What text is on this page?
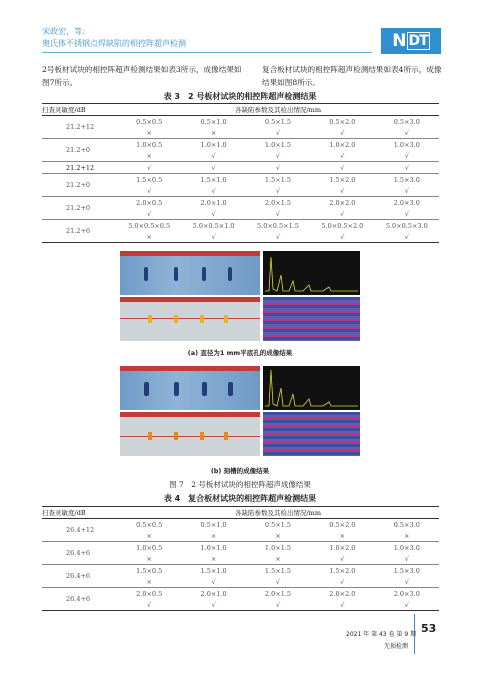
宋政宏，等：
奥氏体不锈钢点焊缺陷的相控阵超声检测	N DT
2号板材试块的相控阵超声检测结果如表3所示，成像结果如图7所示。
复合板材试块的相控阵超声检测结果如表4所示，成像结果如图8所示。
表 3　2 号板材试块的相控阵超声检测结果
扫查灵敏度/dB	各缺陷参数及其检出情况/mm				
21.2+12	0.5×0.5	0.5×1.0	0.5×1.5	0.5×2.0	0.5×3.0
	×	×	√	√	√
21.2+0	1.0×0.5	1.0×1.0	1.0×1.5	1.0×2.0	1.0×3.0
	×	√	√	√	√
21.2+12	√	√	√	√	√
21.2+0	1.5×0.5	1.5×1.0	1.5×1.5	1.5×2.0	1.5×3.0
	√	√	√	√	√
21.2+0	2.0×0.5	2.0×1.0	2.0×1.5	2.0×2.0	2.0×3.0
	√	√	√	√	√
21.2+6	5.0×0.5×0.5	5.0×0.5×1.0	5.0×0.5×1.5	5.0×0.5×2.0	5.0×0.5×3.0
	×	√	√	√	√
(a) 直径为1 mm平底孔的成像结果
(b) 刻槽的成像结果
图 7　2 号板材试块的相控阵超声成像结果
表 4　复合板材试块的相控阵超声检测结果
扫查灵敏度/dB	各缺陷参数及其检出情况/mm				
26.4+12	0.5×0.5	0.5×1.0	0.5×1.5	0.5×2.0	0.5×3.0
	×	×	×	×	×
26.4+6	1.0×0.5	1.0×1.0	1.0×1.5	1.0×2.0	1.0×3.0
	×	×	×	√	√
26.4+6	1.5×0.5	1.5×1.0	1.5×1.5	1.5×2.0	1.5×3.0
	×	√	√	√	√
26.4+6	2.0×0.5	2.0×1.0	2.0×1.5	2.0×2.0	2.0×3.0
	√	√	√	√	√
53
2021 年 第 43 卷 第 9 期
无损检测
